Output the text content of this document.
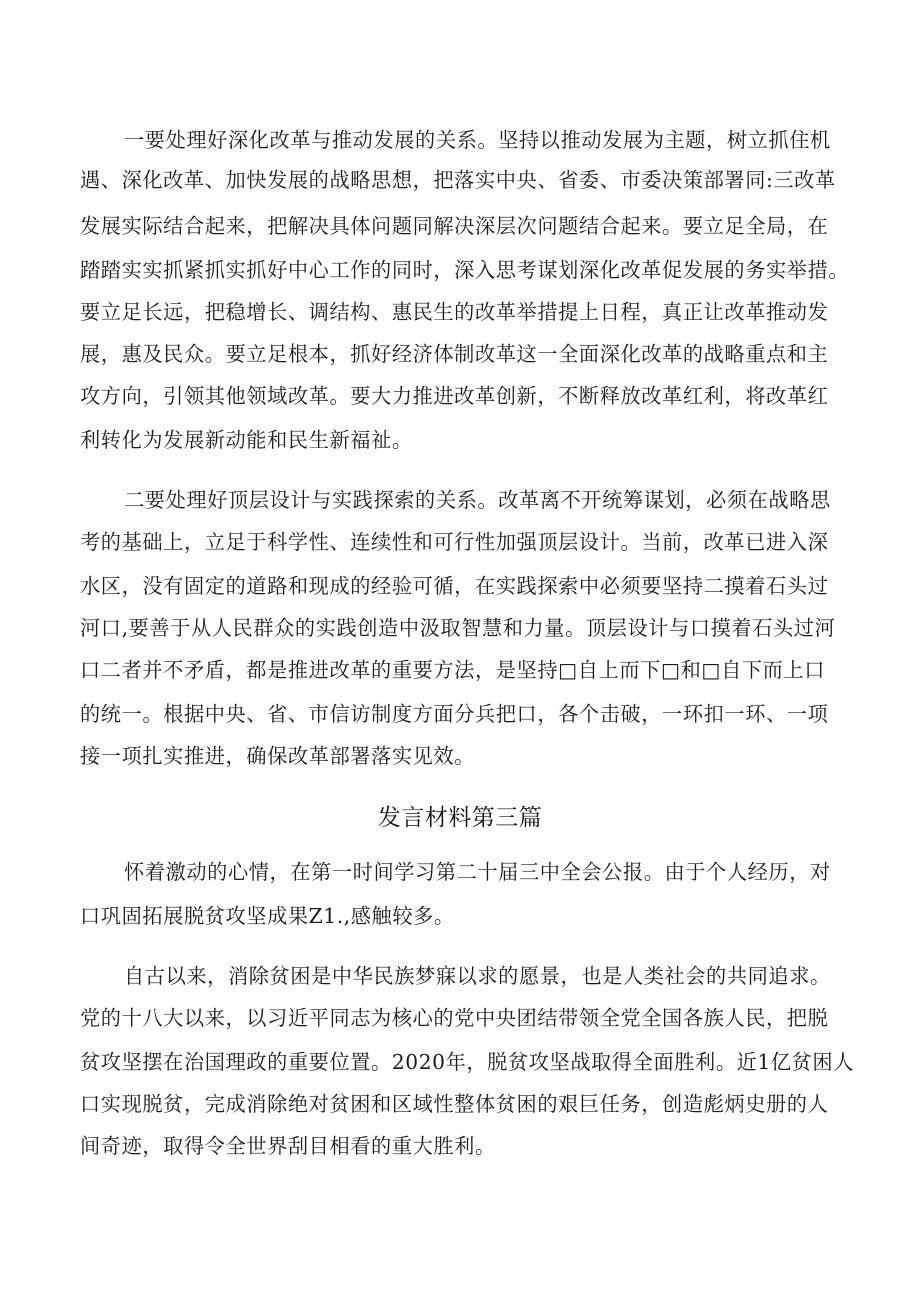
一要处理好深化改革与推动发展的关系。坚持以推动发展为主题，树立抓住机
遇、深化改革、加快发展的战略思想，把落实中央、省委、市委决策部署同:三改革
发展实际结合起来，把解决具体问题同解决深层次问题结合起来。要立足全局，在
踏踏实实抓紧抓实抓好中心工作的同时，深入思考谋划深化改革促发展的务实举措。
要立足长远，把稳增长、调结构、惠民生的改革举措提上日程，真正让改革推动发
展，惠及民众。要立足根本，抓好经济体制改革这一全面深化改革的战略重点和主
攻方向，引领其他领域改革。要大力推进改革创新，不断释放改革红利，将改革红
利转化为发展新动能和民生新福祉。
二要处理好顶层设计与实践探索的关系。改革离不开统筹谋划，必须在战略思
考的基础上，立足于科学性、连续性和可行性加强顶层设计。当前，改革已进入深
水区，没有固定的道路和现成的经验可循，在实践探索中必须要坚持二摸着石头过
河口,要善于从人民群众的实践创造中汲取智慧和力量。顶层设计与口摸着石头过河
口二者并不矛盾，都是推进改革的重要方法，是坚持□自上而下□和□自下而上口
的统一。根据中央、省、市信访制度方面分兵把口，各个击破，一环扣一环、一项
接一项扎实推进，确保改革部署落实见效。
发言材料第三篇
怀着激动的心情，在第一时间学习第二十届三中全会公报。由于个人经历，对
口巩固拓展脱贫攻坚成果Z1.,感触较多。
自古以来，消除贫困是中华民族梦寐以求的愿景，也是人类社会的共同追求。
党的十八大以来，以习近平同志为核心的党中央团结带领全党全国各族人民，把脱
贫攻坚摆在治国理政的重要位置。2020年，脱贫攻坚战取得全面胜利。近1亿贫困人
口实现脱贫，完成消除绝对贫困和区域性整体贫困的艰巨任务，创造彪炳史册的人
间奇迹，取得令全世界刮目相看的重大胜利。
